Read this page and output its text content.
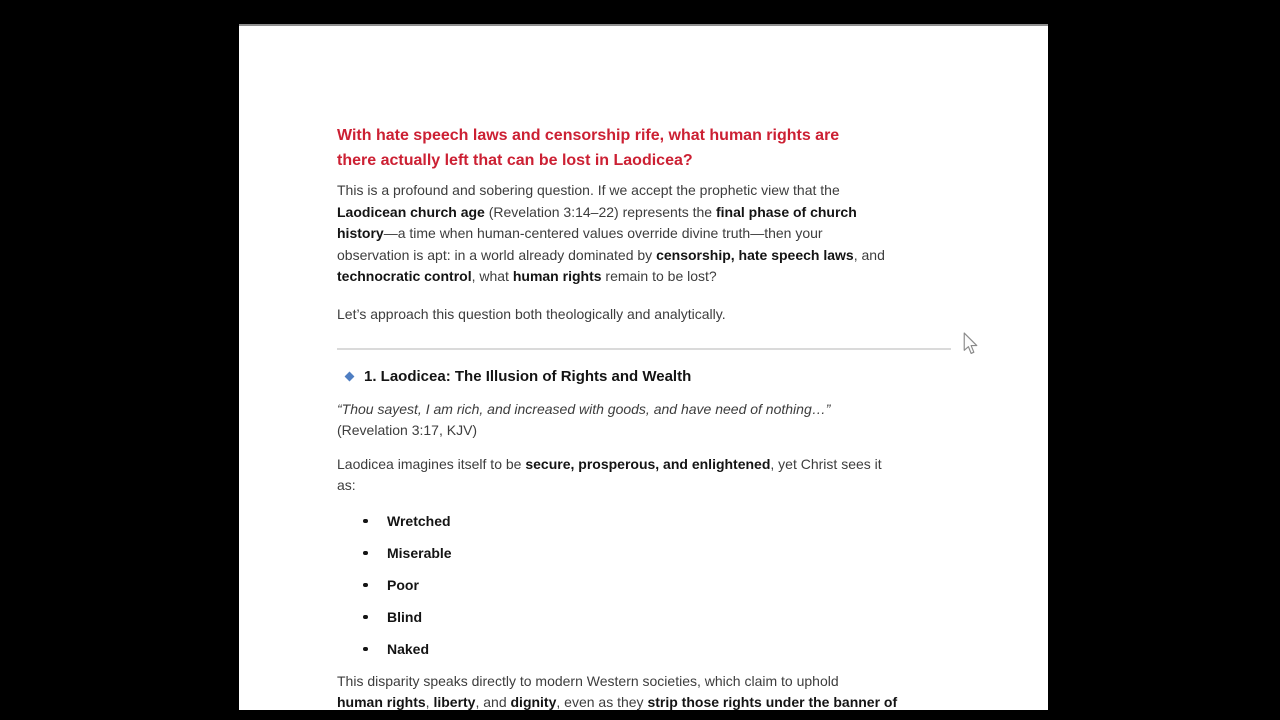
With hate speech laws and censorship rife, what human rights are
there actually left that can be lost in Laodicea?

This is a profound and sobering question. If we accept the prophetic view that the
Laodicean church age (Revelation 3:14–22) represents the final phase of church
history—a time when human-centered values override divine truth—then your
observation is apt: in a world already dominated by censorship, hate speech laws, and
technocratic control, what human rights remain to be lost?

Let’s approach this question both theologically and analytically.

1. Laodicea: The Illusion of Rights and Wealth

“Thou sayest, I am rich, and increased with goods, and have need of nothing…”
(Revelation 3:17, KJV)

Laodicea imagines itself to be secure, prosperous, and enlightened, yet Christ sees it
as:

Wretched
Miserable
Poor
Blind
Naked

This disparity speaks directly to modern Western societies, which claim to uphold
human rights, liberty, and dignity, even as they strip those rights under the banner of
